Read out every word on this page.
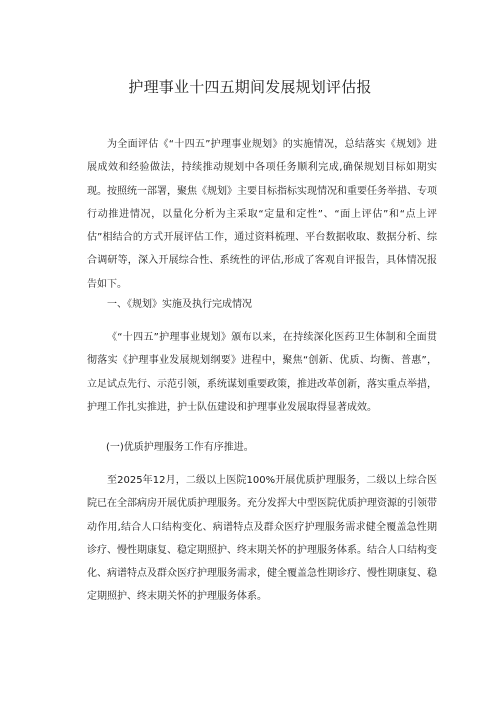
护理事业十四五期间发展规划评估报

为全面评估《“十四五”护理事业规划》的实施情况，总结落实《规划》进展成效和经验做法，持续推动规划中各项任务顺利完成,确保规划目标如期实现。按照统一部署，聚焦《规划》主要目标指标实现情况和重要任务举措、专项行动推进情况，以量化分析为主采取“定量和定性”、“面上评估”和“点上评估”相结合的方式开展评估工作，通过资料梳理、平台数据收取、数据分析、综合调研等，深入开展综合性、系统性的评估,形成了客观自评报告，具体情况报告如下。

一、《规划》实施及执行完成情况

《“十四五”护理事业规划》颁布以来，在持续深化医药卫生体制和全面贯彻落实《护理事业发展规划纲要》进程中，聚焦“创新、优质、均衡、普惠”，立足试点先行、示范引领，系统谋划重要政策，推进改革创新，落实重点举措，护理工作扎实推进，护士队伍建设和护理事业发展取得显著成效。

(一)优质护理服务工作有序推进。

至2025年12月，二级以上医院100%开展优质护理服务，二级以上综合医院已在全部病房开展优质护理服务。充分发挥大中型医院优质护理资源的引领带动作用,结合人口结构变化、病谱特点及群众医疗护理服务需求健全覆盖急性期诊疗、慢性期康复、稳定期照护、终末期关怀的护理服务体系。结合人口结构变化、病谱特点及群众医疗护理服务需求，健全覆盖急性期诊疗、慢性期康复、稳定期照护、终末期关怀的护理服务体系。
